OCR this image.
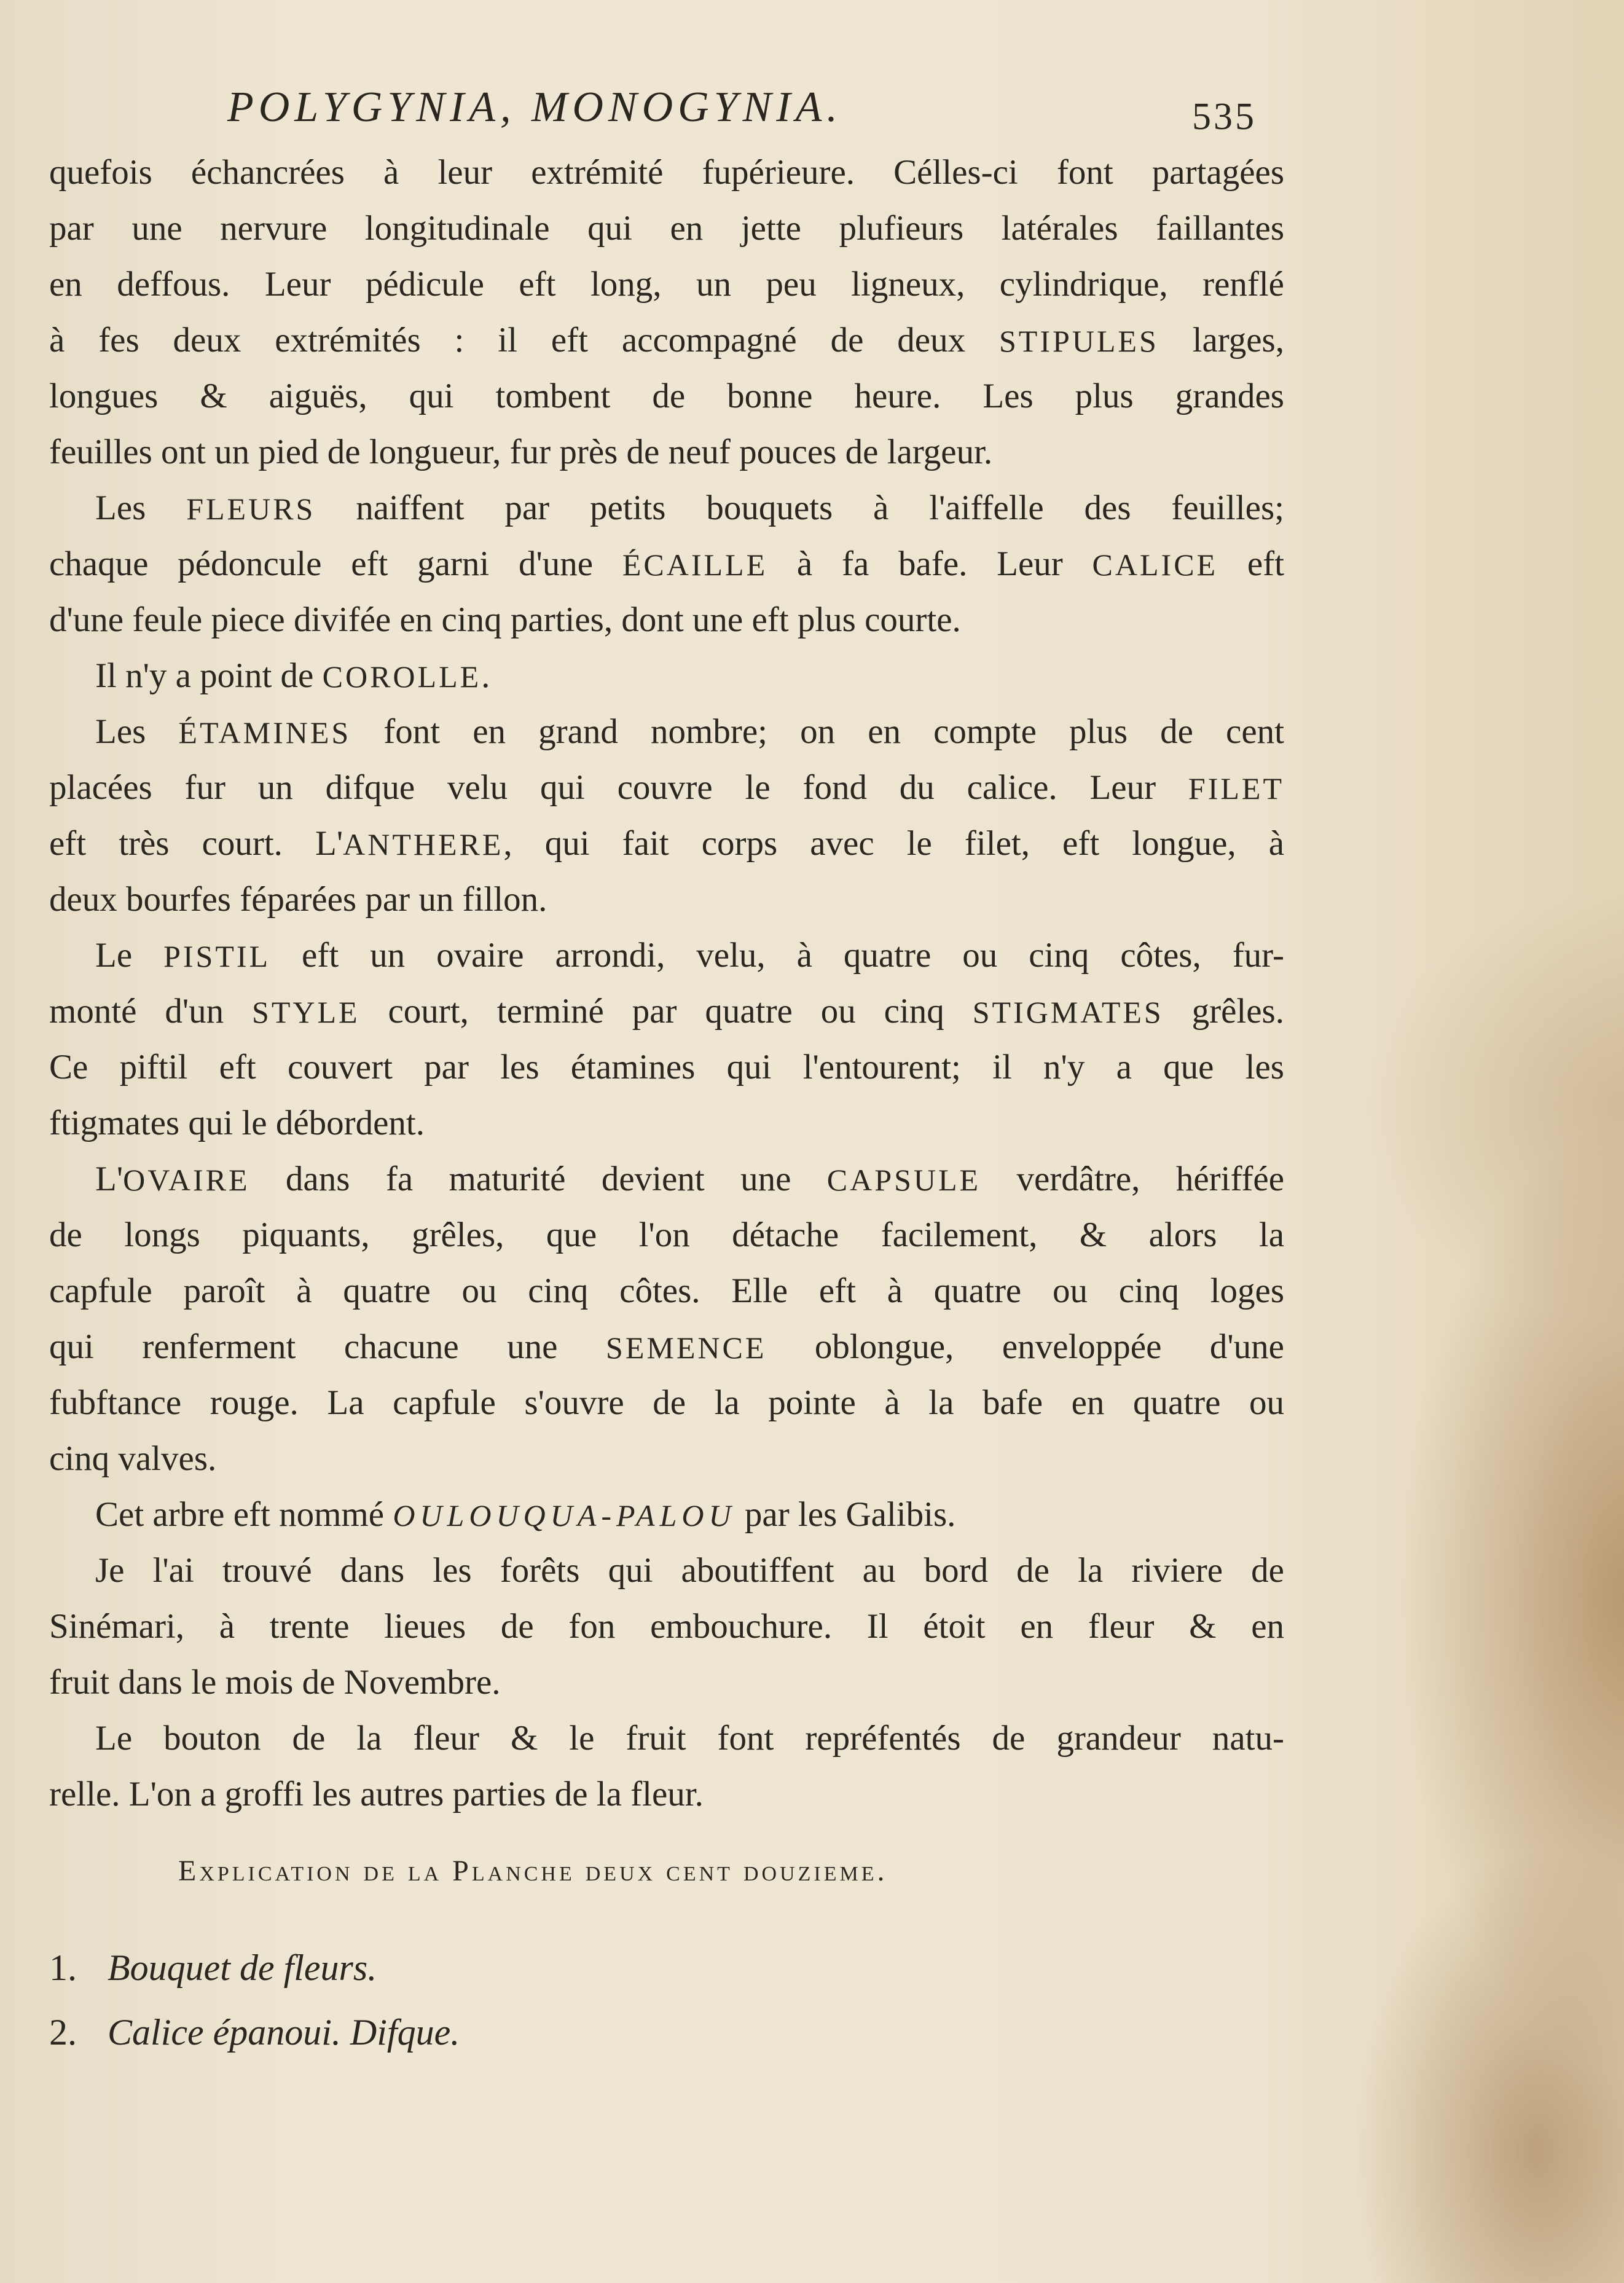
POLYGYNIA, MONOGYNIA.	535
quefois échancrées à leur extrémité fupérieure. Célles-ci font partagées
par une nervure longitudinale qui en jette plufieurs latérales faillantes
en deffous. Leur pédicule eft long, un peu ligneux, cylindrique, renflé
à fes deux extrémités : il eft accompagné de deux STIPULES larges,
longues & aiguës, qui tombent de bonne heure. Les plus grandes
feuilles ont un pied de longueur, fur près de neuf pouces de largeur.
Les FLEURS naiffent par petits bouquets à l'aiffelle des feuilles;
chaque pédoncule eft garni d'une ÉCAILLE à fa bafe. Leur CALICE eft
d'une feule piece divifée en cinq parties, dont une eft plus courte.
Il n'y a point de COROLLE.
Les ÉTAMINES font en grand nombre; on en compte plus de cent
placées fur un difque velu qui couvre le fond du calice. Leur FILET
eft très court. L'ANTHERE, qui fait corps avec le filet, eft longue, à
deux bourfes féparées par un fillon.
Le PISTIL eft un ovaire arrondi, velu, à quatre ou cinq côtes, fur-
monté d'un STYLE court, terminé par quatre ou cinq STIGMATES grêles.
Ce piftil eft couvert par les étamines qui l'entourent; il n'y a que les
ftigmates qui le débordent.
L'OVAIRE dans fa maturité devient une CAPSULE verdâtre, hériffée
de longs piquants, grêles, que l'on détache facilement, & alors la
capfule paroît à quatre ou cinq côtes. Elle eft à quatre ou cinq loges
qui renferment chacune une SEMENCE oblongue, enveloppée d'une
fubftance rouge. La capfule s'ouvre de la pointe à la bafe en quatre ou
cinq valves.
Cet arbre eft nommé OULOUQUA-PALOU par les Galibis.
Je l'ai trouvé dans les forêts qui aboutiffent au bord de la riviere de
Sinémari, à trente lieues de fon embouchure. Il étoit en fleur & en
fruit dans le mois de Novembre.
Le bouton de la fleur & le fruit font repréfentés de grandeur natu-
relle. L'on a groffi les autres parties de la fleur.
Explication de la Planche deux cent douzieme.
1. Bouquet de fleurs.
2. Calice épanoui. Difque.
